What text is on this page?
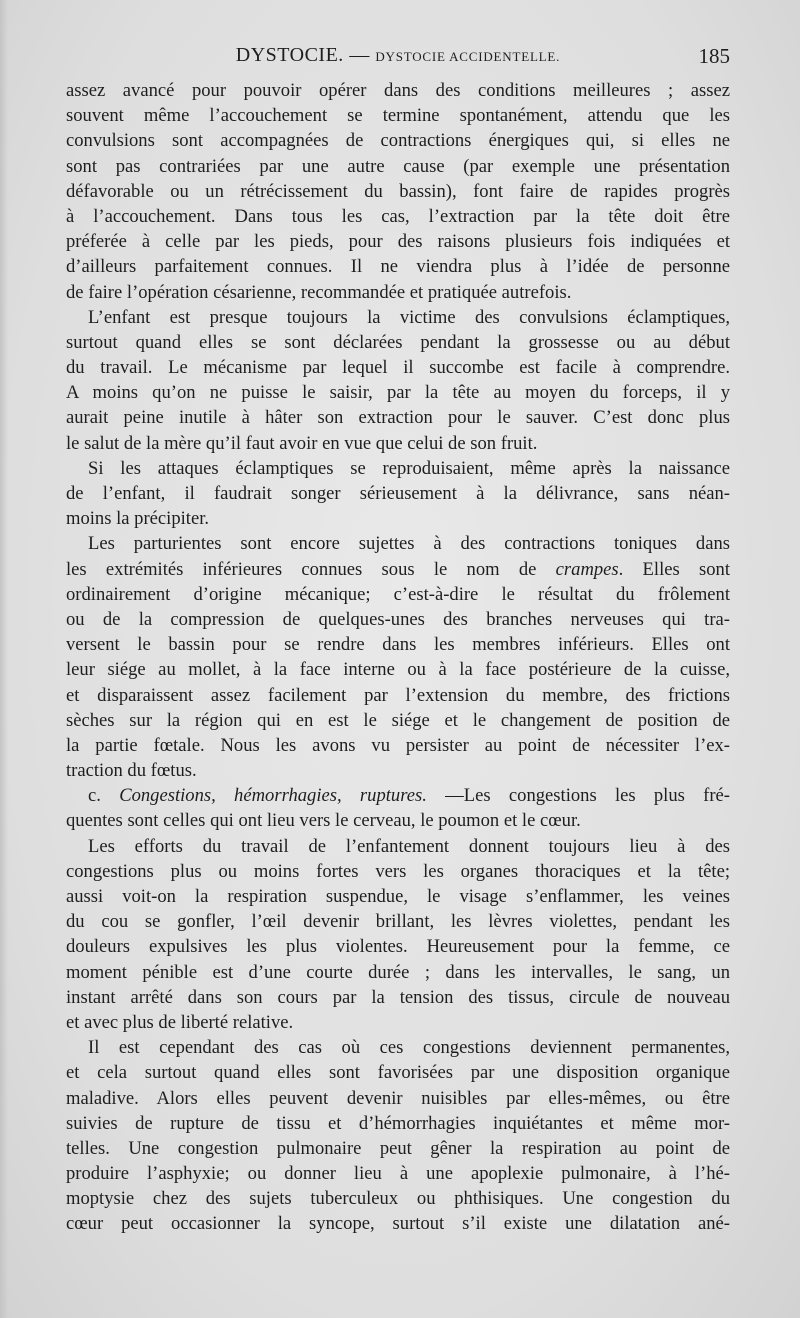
DYSTOCIE. — DYSTOCIE ACCIDENTELLE.	185
assez avancé pour pouvoir opérer dans des conditions meilleures ; assez
souvent même l’accouchement se termine spontanément, attendu que les
convulsions sont accompagnées de contractions énergiques qui, si elles ne
sont pas contrariées par une autre cause (par exemple une présentation
défavorable ou un rétrécissement du bassin), font faire de rapides progrès
à l’accouchement. Dans tous les cas, l’extraction par la tête doit être
préferée à celle par les pieds, pour des raisons plusieurs fois indiquées et
d’ailleurs parfaitement connues. Il ne viendra plus à l’idée de personne
de faire l’opération césarienne, recommandée et pratiquée autrefois.
L’enfant est presque toujours la victime des convulsions éclamptiques,
surtout quand elles se sont déclarées pendant la grossesse ou au début
du travail. Le mécanisme par lequel il succombe est facile à comprendre.
A moins qu’on ne puisse le saisir, par la tête au moyen du forceps, il y
aurait peine inutile à hâter son extraction pour le sauver. C’est donc plus
le salut de la mère qu’il faut avoir en vue que celui de son fruit.
Si les attaques éclamptiques se reproduisaient, même après la naissance
de l’enfant, il faudrait songer sérieusement à la délivrance, sans néan-
moins la précipiter.
Les parturientes sont encore sujettes à des contractions toniques dans
les extrémités inférieures connues sous le nom de crampes. Elles sont
ordinairement d’origine mécanique; c’est-à-dire le résultat du frôlement
ou de la compression de quelques-unes des branches nerveuses qui tra-
versent le bassin pour se rendre dans les membres inférieurs. Elles ont
leur siége au mollet, à la face interne ou à la face postérieure de la cuisse,
et disparaissent assez facilement par l’extension du membre, des frictions
sèches sur la région qui en est le siége et le changement de position de
la partie fœtale. Nous les avons vu persister au point de nécessiter l’ex-
traction du fœtus.
c. Congestions, hémorrhagies, ruptures. —Les congestions les plus fré-
quentes sont celles qui ont lieu vers le cerveau, le poumon et le cœur.
Les efforts du travail de l’enfantement donnent toujours lieu à des
congestions plus ou moins fortes vers les organes thoraciques et la tête;
aussi voit-on la respiration suspendue, le visage s’enflammer, les veines
du cou se gonfler, l’œil devenir brillant, les lèvres violettes, pendant les
douleurs expulsives les plus violentes. Heureusement pour la femme, ce
moment pénible est d’une courte durée ; dans les intervalles, le sang, un
instant arrêté dans son cours par la tension des tissus, circule de nouveau
et avec plus de liberté relative.
Il est cependant des cas où ces congestions deviennent permanentes,
et cela surtout quand elles sont favorisées par une disposition organique
maladive. Alors elles peuvent devenir nuisibles par elles-mêmes, ou être
suivies de rupture de tissu et d’hémorrhagies inquiétantes et même mor-
telles. Une congestion pulmonaire peut gêner la respiration au point de
produire l’asphyxie; ou donner lieu à une apoplexie pulmonaire, à l’hé-
moptysie chez des sujets tuberculeux ou phthisiques. Une congestion du
cœur peut occasionner la syncope, surtout s’il existe une dilatation ané-
